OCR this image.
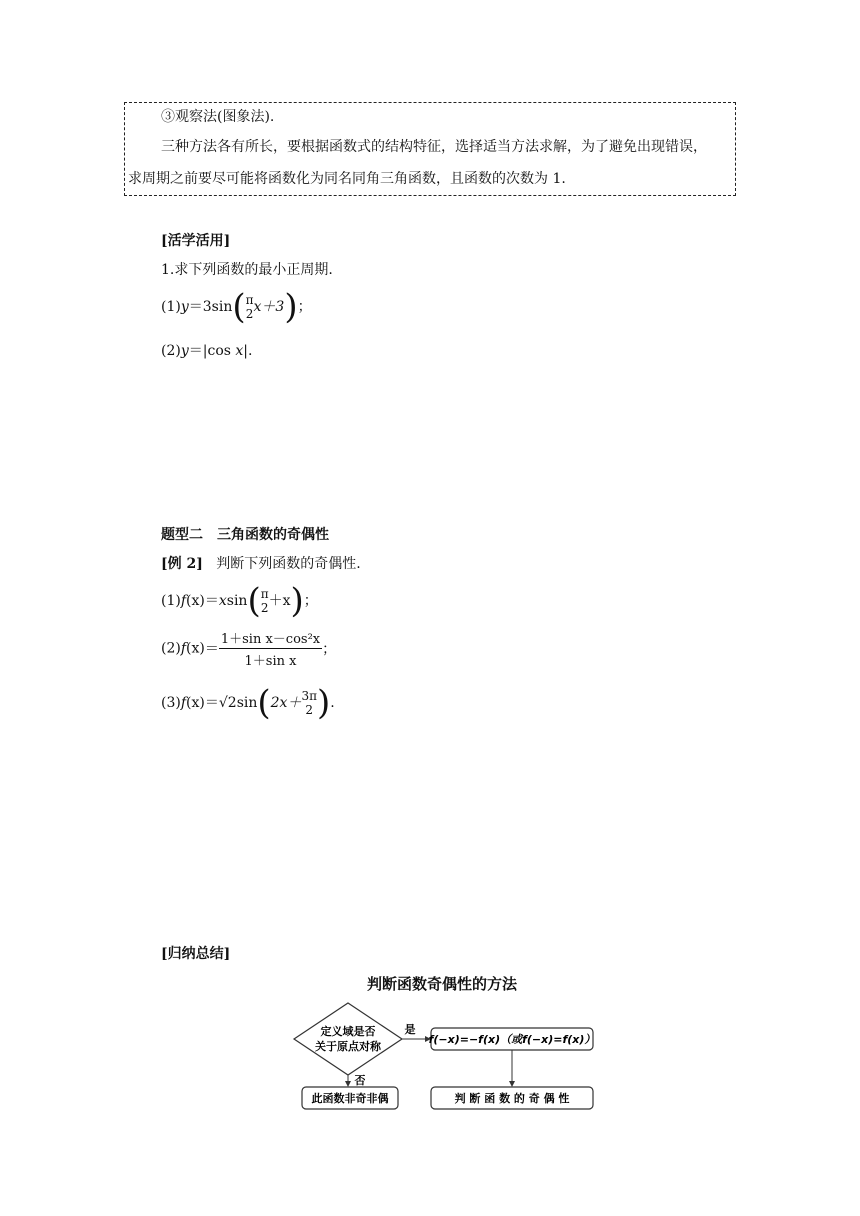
③观察法(图象法).
三种方法各有所长，要根据函数式的结构特征，选择适当方法求解，为了避免出现错误，
求周期之前要尽可能将函数化为同名同角三角函数，且函数的次数为 1.
[活学活用]
1.求下列函数的最小正周期.
(1)y＝3sin( π
2 x＋3)；
(2)y＝|cos x|.
题型二　三角函数的奇偶性
[例 2] 判断下列函数的奇偶性.
(1)f(x)＝xsin( π
2 ＋x)；
$(2)f(x)= \frac{\text{1＋sin x－cos²x}}{\text{1＋sin x}}$ ；
(3)f(x)＝√2sin(2x＋ 3π
2 ).
[归纳总结]
判断函数奇偶性的方法
定义域是否
关于原点对称
是
f(−x)=−f(x)（或f(−x)=f(x)）
否
此函数非奇非偶	判 断 函 数 的 奇 偶 性
